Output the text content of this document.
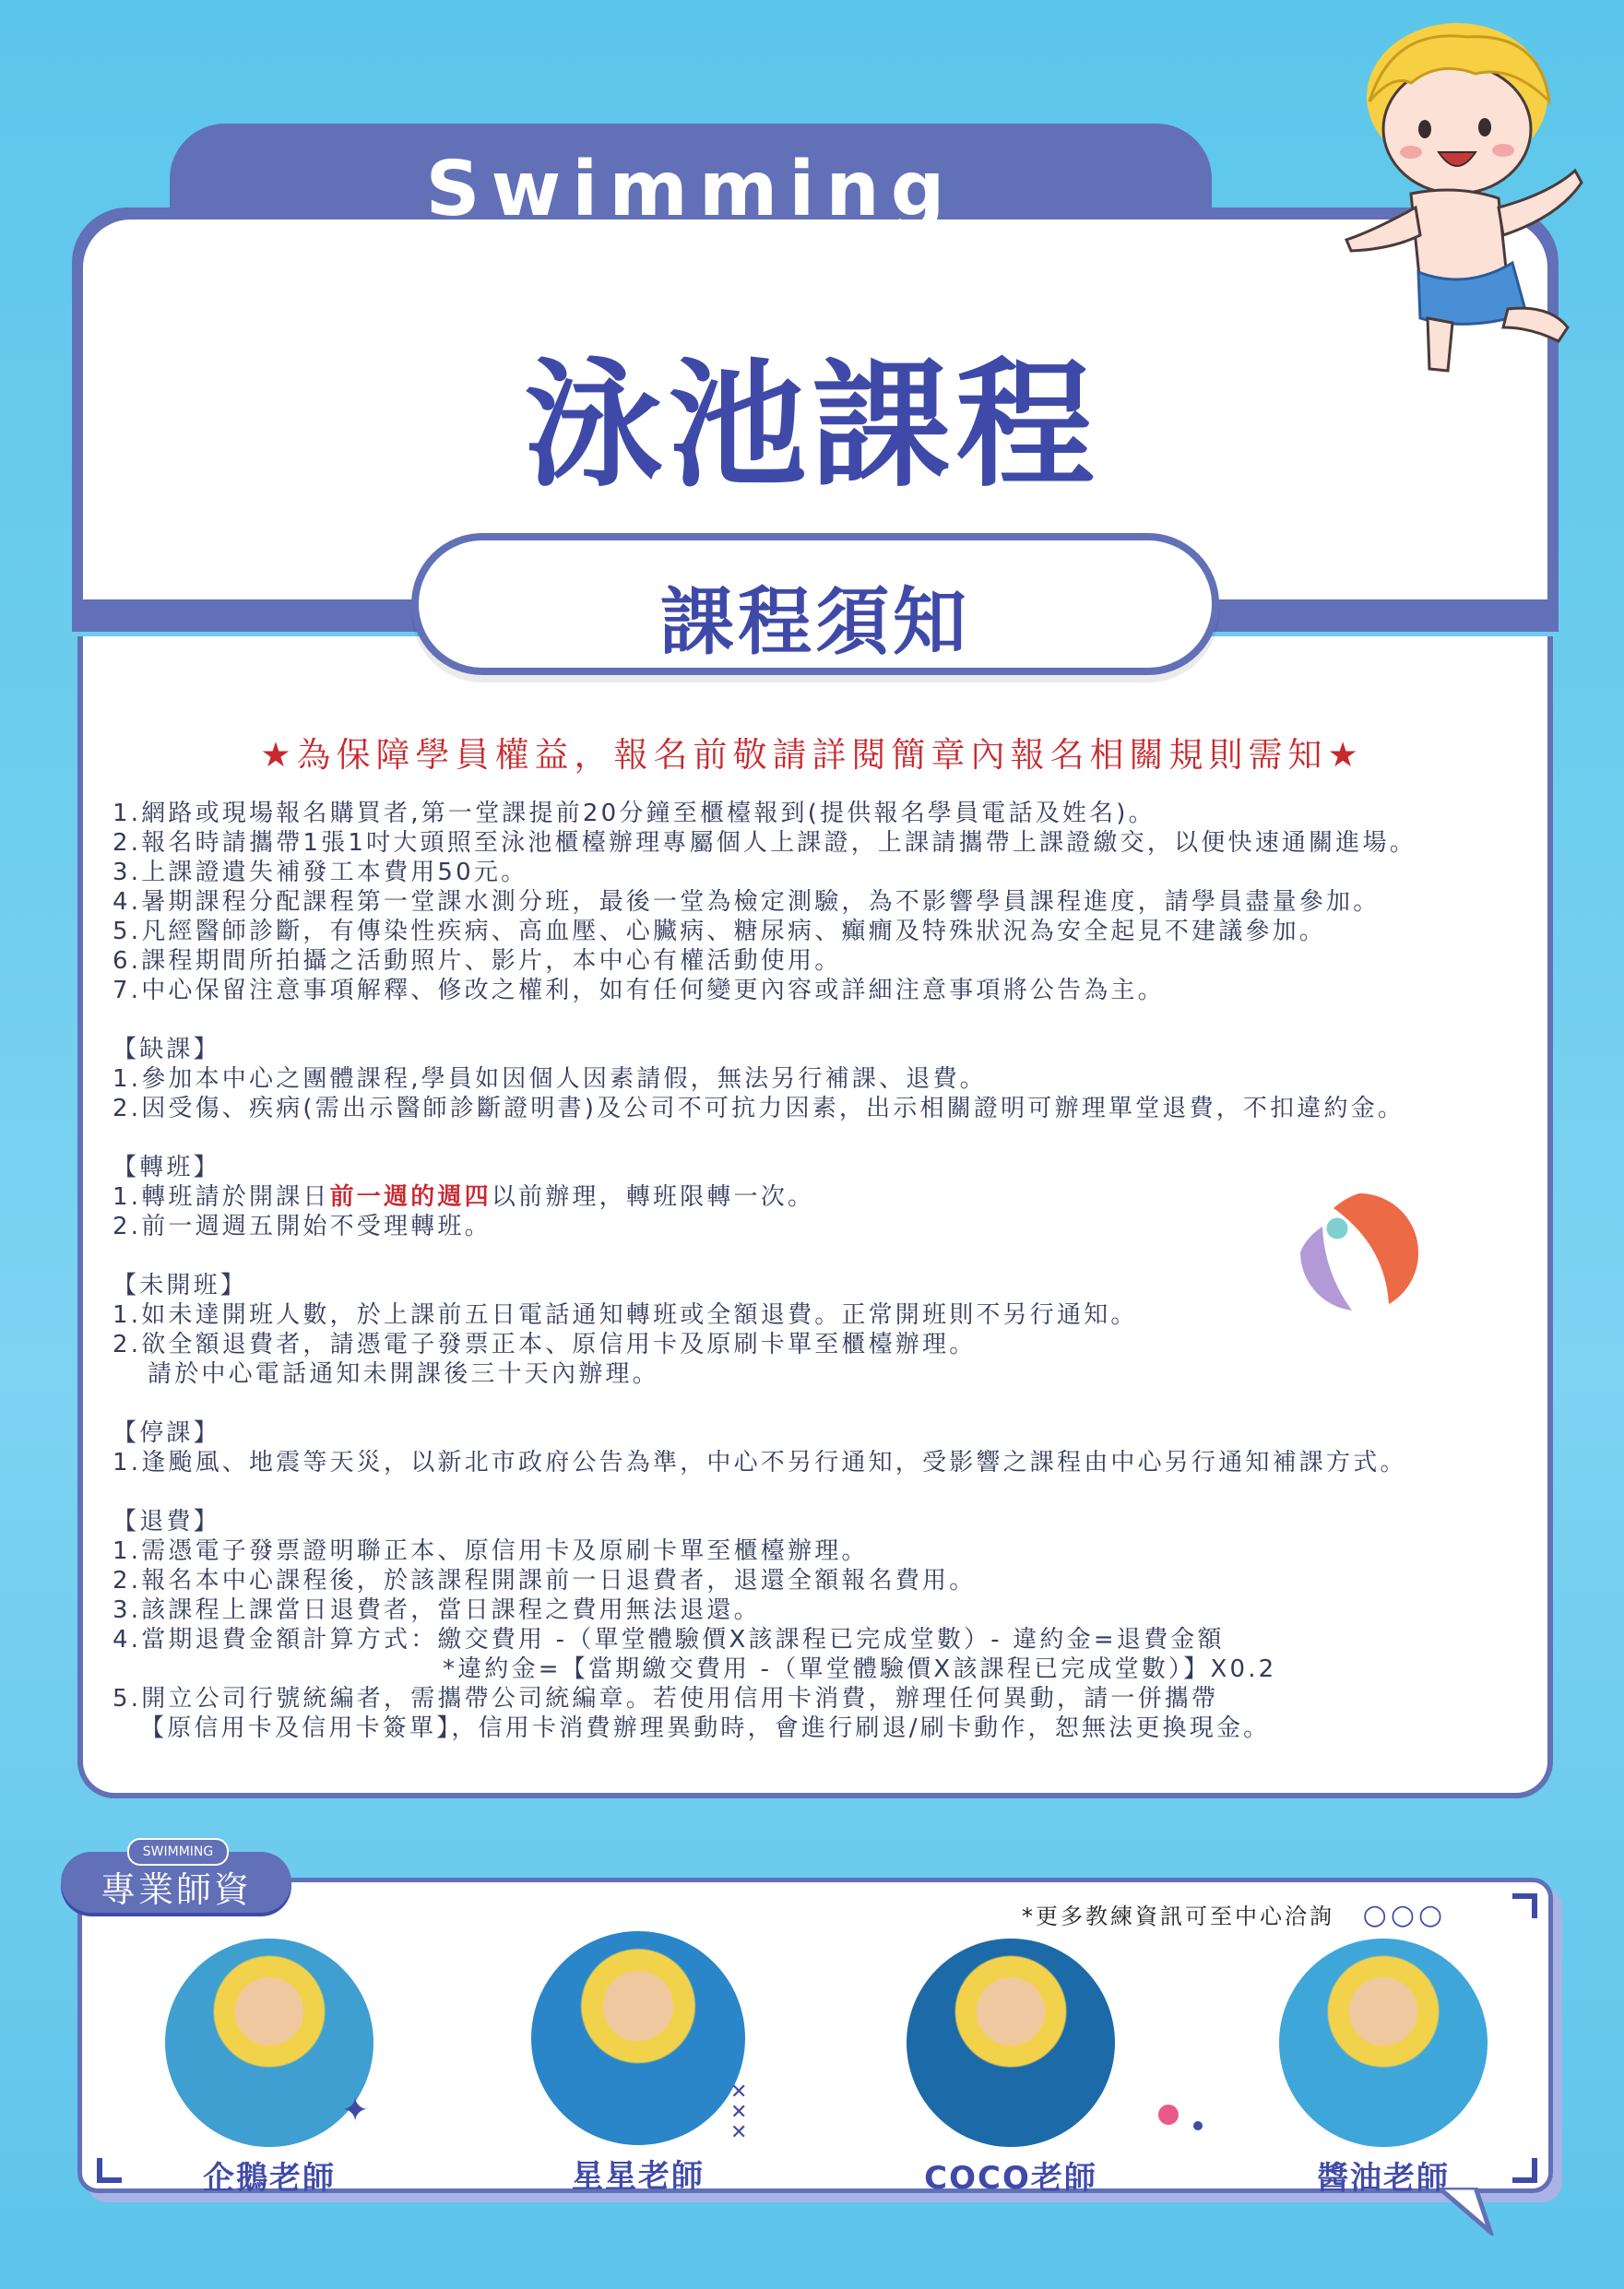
Swimming
泳池課程
課程須知
★為保障學員權益，報名前敬請詳閱簡章內報名相關規則需知★
1.網路或現場報名購買者,第一堂課提前20分鐘至櫃檯報到(提供報名學員電話及姓名)。
2.報名時請攜帶1張1吋大頭照至泳池櫃檯辦理專屬個人上課證，上課請攜帶上課證繳交，以便快速通關進場。
3.上課證遺失補發工本費用50元。
4.暑期課程分配課程第一堂課水測分班，最後一堂為檢定測驗，為不影響學員課程進度，請學員盡量參加。
5.凡經醫師診斷，有傳染性疾病、高血壓、心臟病、糖尿病、癲癇及特殊狀況為安全起見不建議參加。
6.課程期間所拍攝之活動照片、影片，本中心有權活動使用。
7.中心保留注意事項解釋、修改之權利，如有任何變更內容或詳細注意事項將公告為主。
【缺課】
1.參加本中心之團體課程,學員如因個人因素請假，無法另行補課、退費。
2.因受傷、疾病(需出示醫師診斷證明書)及公司不可抗力因素，出示相關證明可辦理單堂退費，不扣違約金。
【轉班】
1.轉班請於開課日前一週的週四以前辦理，轉班限轉一次。
2.前一週週五開始不受理轉班。
【未開班】
1.如未達開班人數，於上課前五日電話通知轉班或全額退費。正常開班則不另行通知。
2.欲全額退費者，請憑電子發票正本、原信用卡及原刷卡單至櫃檯辦理。
請於中心電話通知未開課後三十天內辦理。
【停課】
1.逢颱風、地震等天災，以新北市政府公告為準，中心不另行通知，受影響之課程由中心另行通知補課方式。
【退費】
1.需憑電子發票證明聯正本、原信用卡及原刷卡單至櫃檯辦理。
2.報名本中心課程後，於該課程開課前一日退費者，退還全額報名費用。
3.該課程上課當日退費者，當日課程之費用無法退還。
4.當期退費金額計算方式：繳交費用 -（單堂體驗價X該課程已完成堂數）- 違約金=退費金額
*違約金=【當期繳交費用 -（單堂體驗價X該課程已完成堂數）】X0.2
5.開立公司行號統編者，需攜帶公司統編章。若使用信用卡消費，辦理任何異動，請一併攜帶
【原信用卡及信用卡簽單】，信用卡消費辦理異動時，會進行刷退/刷卡動作，恕無法更換現金。
專業師資
SWIMMING
*更多教練資訊可至中心洽詢 ○○○
企鵝老師	星星老師	COCO老師	醬油老師
✦	✕
✕
✕
